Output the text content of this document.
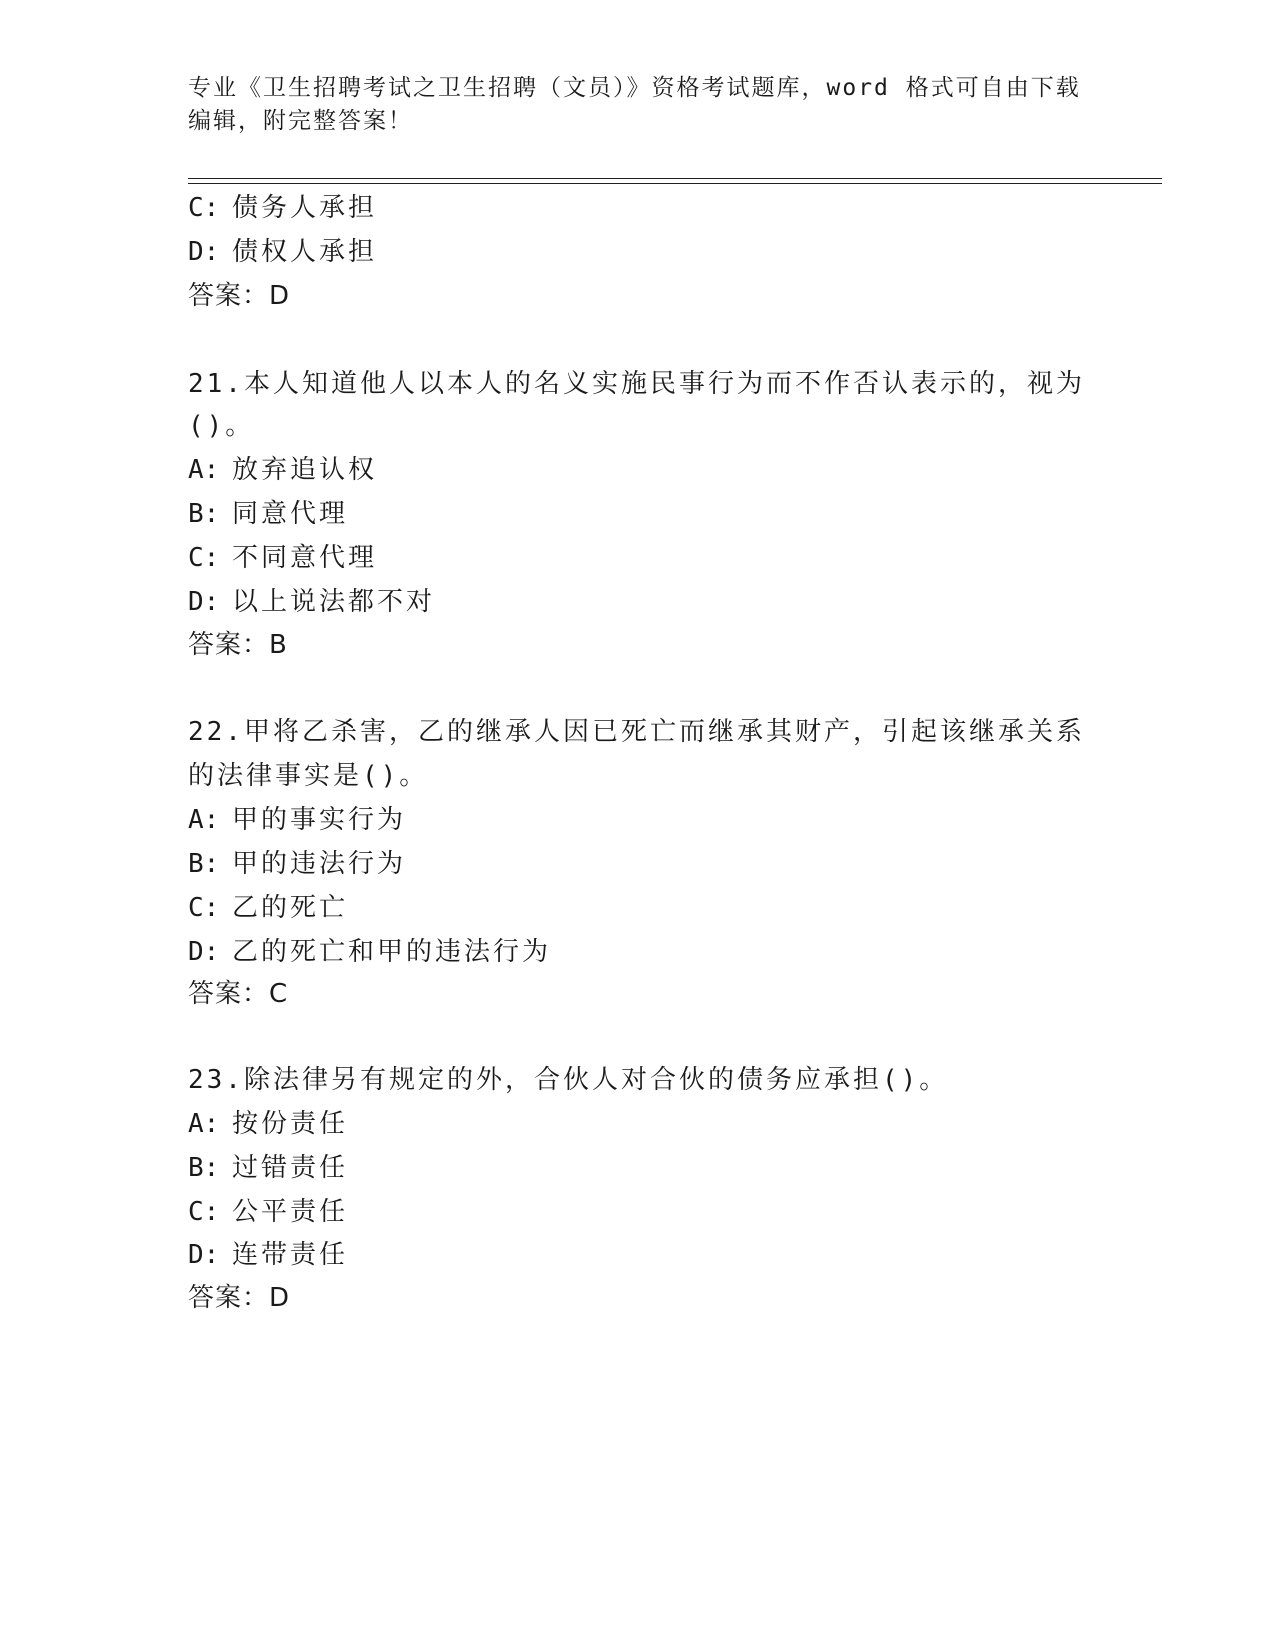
专业《卫生招聘考试之卫生招聘（文员）》资格考试题库，word 格式可自由下载
编辑，附完整答案！
C: 债务人承担
D: 债权人承担
答案：D
21.本人知道他人以本人的名义实施民事行为而不作否认表示的，视为
()。
A: 放弃追认权
B: 同意代理
C: 不同意代理
D: 以上说法都不对
答案：B
22.甲将乙杀害，乙的继承人因已死亡而继承其财产，引起该继承关系
的法律事实是()。
A: 甲的事实行为
B: 甲的违法行为
C: 乙的死亡
D: 乙的死亡和甲的违法行为
答案：C
23.除法律另有规定的外，合伙人对合伙的债务应承担()。
A: 按份责任
B: 过错责任
C: 公平责任
D: 连带责任
答案：D
